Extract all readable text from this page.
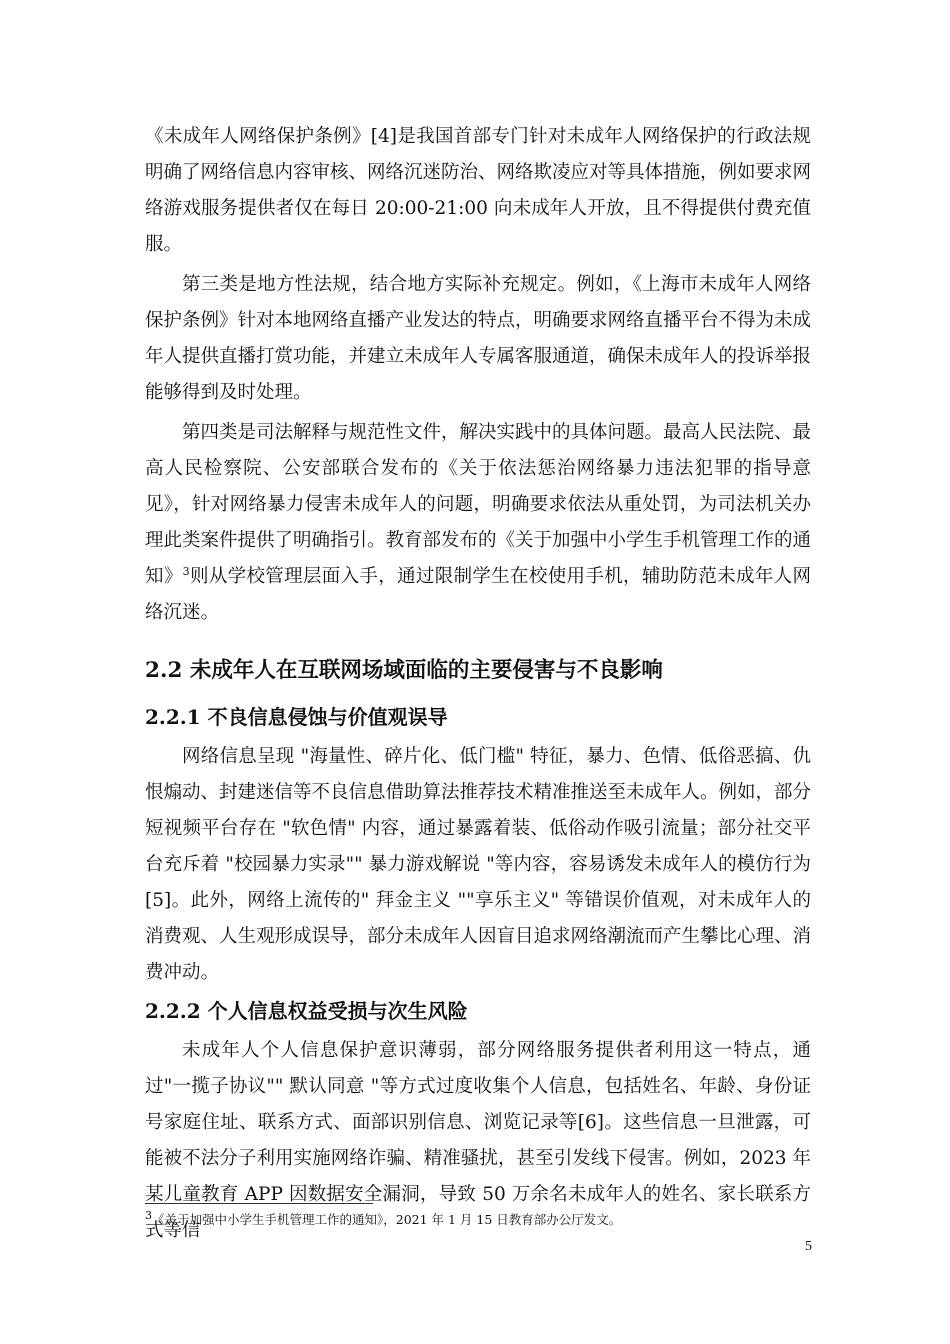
《未成年人网络保护条例》[4]是我国首部专门针对未成年人网络保护的行政法规明确了网络信息内容审核、网络沉迷防治、网络欺凌应对等具体措施，例如要求网络游戏服务提供者仅在每日 20:00-21:00 向未成年人开放，且不得提供付费充值服。

第三类是地方性法规，结合地方实际补充规定。例如，《上海市未成年人网络保护条例》针对本地网络直播产业发达的特点，明确要求网络直播平台不得为未成年人提供直播打赏功能，并建立未成年人专属客服通道，确保未成年人的投诉举报能够得到及时处理。

第四类是司法解释与规范性文件，解决实践中的具体问题。最高人民法院、最高人民检察院、公安部联合发布的《关于依法惩治网络暴力违法犯罪的指导意见》，针对网络暴力侵害未成年人的问题，明确要求依法从重处罚，为司法机关办理此类案件提供了明确指引。教育部发布的《关于加强中小学生手机管理工作的通知》$^3$则从学校管理层面入手，通过限制学生在校使用手机，辅助防范未成年人网络沉迷。

2.2 未成年人在互联网场域面临的主要侵害与不良影响
2.2.1 不良信息侵蚀与价值观误导

网络信息呈现 "海量性、碎片化、低门槛" 特征，暴力、色情、低俗恶搞、仇恨煽动、封建迷信等不良信息借助算法推荐技术精准推送至未成年人。例如，部分短视频平台存在 "软色情" 内容，通过暴露着装、低俗动作吸引流量；部分社交平台充斥着 "校园暴力实录"" 暴力游戏解说 "等内容，容易诱发未成年人的模仿行为[5]。此外，网络上流传的" 拜金主义 ""享乐主义" 等错误价值观，对未成年人的消费观、人生观形成误导，部分未成年人因盲目追求网络潮流而产生攀比心理、消费冲动。

2.2.2 个人信息权益受损与次生风险

未成年人个人信息保护意识薄弱，部分网络服务提供者利用这一特点，通过"一揽子协议"" 默认同意 "等方式过度收集个人信息，包括姓名、年龄、身份证号家庭住址、联系方式、面部识别信息、浏览记录等[6]。这些信息一旦泄露，可能被不法分子利用实施网络诈骗、精准骚扰，甚至引发线下侵害。例如，2023 年某儿童教育 APP 因数据安全漏洞，导致 50 万余名未成年人的姓名、家长联系方式等信

$^3$《关于加强中小学生手机管理工作的通知》，2021 年 1 月 15 日教育部办公厅发文。
5
